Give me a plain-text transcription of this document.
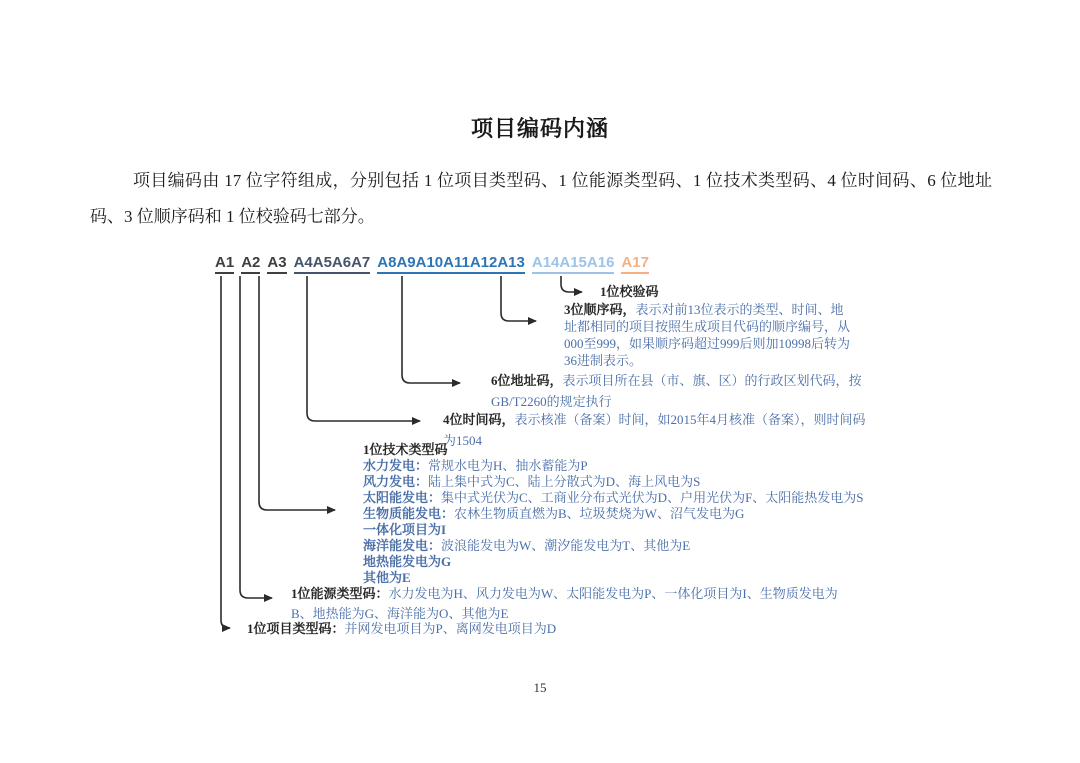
项目编码内涵
项目编码由 17 位字符组成，分别包括 1 位项目类型码、1 位能源类型码、1 位技术类型码、4 位时间码、6 位地址码、3 位顺序码和 1 位校验码七部分。
A1 A2 A3 A4A5A6A7 A8A9A10A11A12A13 A14A15A16 A17
1位校验码
3位顺序码，表示对前13位表示的类型、时间、地址都相同的项目按照生成项目代码的顺序编号，从000至999，如果顺序码超过999后则加10998后转为36进制表示。
6位地址码，表示项目所在县（市、旗、区）的行政区划代码，按GB/T2260的规定执行
4位时间码，表示核准（备案）时间，如2015年4月核准（备案），则时间码为1504
1位技术类型码
水力发电：常规水电为H、抽水蓄能为P
风力发电：陆上集中式为C、陆上分散式为D、海上风电为S
太阳能发电：集中式光伏为C、工商业分布式光伏为D、户用光伏为F、太阳能热发电为S
生物质能发电：农林生物质直燃为B、垃圾焚烧为W、沼气发电为G
一体化项目为I
海洋能发电：波浪能发电为W、潮汐能发电为T、其他为E
地热能发电为G
其他为E
1位能源类型码：水力发电为H、风力发电为W、太阳能发电为P、一体化项目为I、生物质发电为B、地热能为G、海洋能为O、其他为E
1位项目类型码：并网发电项目为P、离网发电项目为D
15
